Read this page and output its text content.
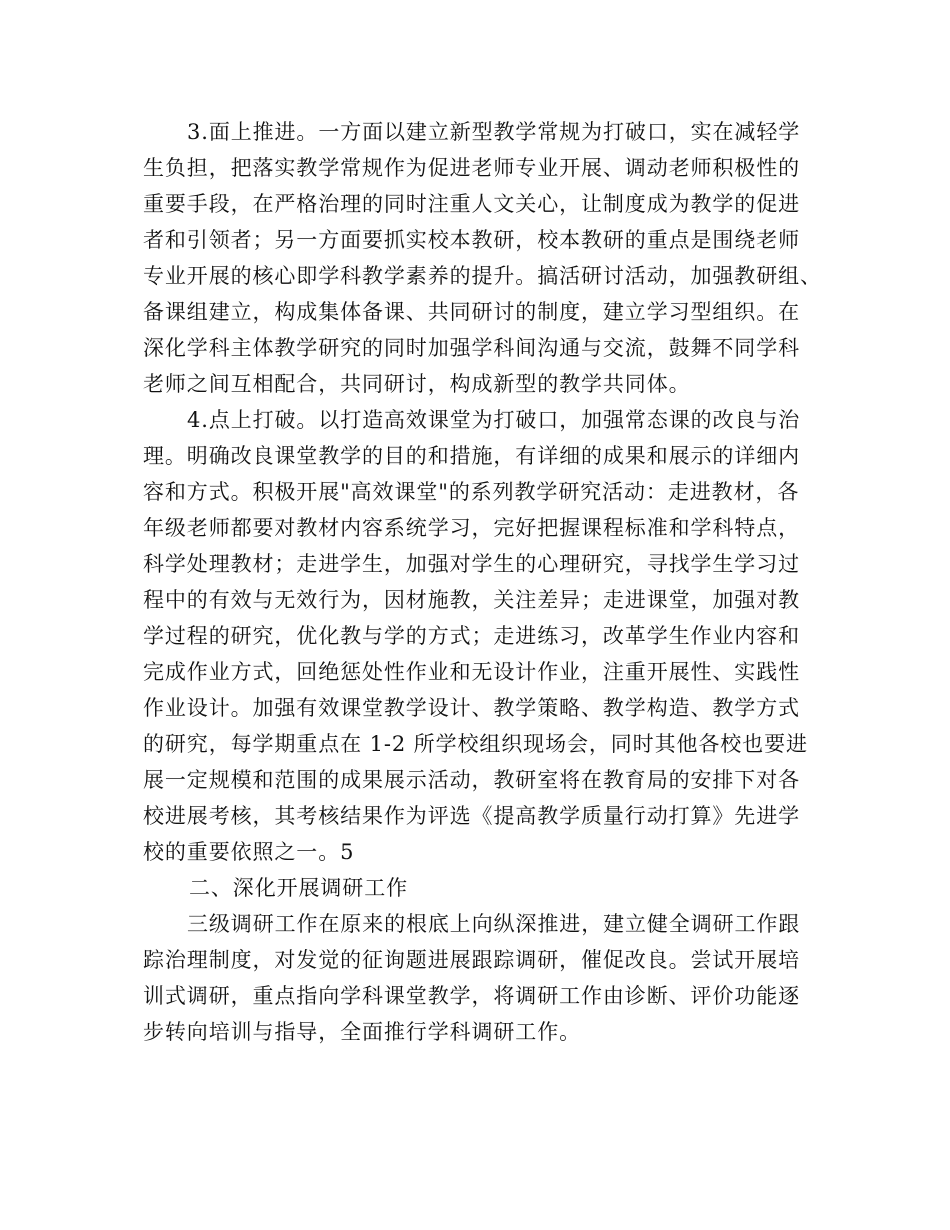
3.面上推进。一方面以建立新型教学常规为打破口，实在减轻学
生负担，把落实教学常规作为促进老师专业开展、调动老师积极性的
重要手段，在严格治理的同时注重人文关心，让制度成为教学的促进
者和引领者；另一方面要抓实校本教研，校本教研的重点是围绕老师
专业开展的核心即学科教学素养的提升。搞活研讨活动，加强教研组、
备课组建立，构成集体备课、共同研讨的制度，建立学习型组织。在
深化学科主体教学研究的同时加强学科间沟通与交流，鼓舞不同学科
老师之间互相配合，共同研讨，构成新型的教学共同体。
4.点上打破。以打造高效课堂为打破口，加强常态课的改良与治
理。明确改良课堂教学的目的和措施，有详细的成果和展示的详细内
容和方式。积极开展"高效课堂"的系列教学研究活动：走进教材，各
年级老师都要对教材内容系统学习，完好把握课程标准和学科特点，
科学处理教材；走进学生，加强对学生的心理研究，寻找学生学习过
程中的有效与无效行为，因材施教，关注差异；走进课堂，加强对教
学过程的研究，优化教与学的方式；走进练习，改革学生作业内容和
完成作业方式，回绝惩处性作业和无设计作业，注重开展性、实践性
作业设计。加强有效课堂教学设计、教学策略、教学构造、教学方式
的研究，每学期重点在 1-2 所学校组织现场会，同时其他各校也要进
展一定规模和范围的成果展示活动，教研室将在教育局的安排下对各
校进展考核，其考核结果作为评选《提高教学质量行动打算》先进学
校的重要依照之一。5
二、深化开展调研工作
三级调研工作在原来的根底上向纵深推进，建立健全调研工作跟
踪治理制度，对发觉的征询题进展跟踪调研，催促改良。尝试开展培
训式调研，重点指向学科课堂教学，将调研工作由诊断、评价功能逐
步转向培训与指导，全面推行学科调研工作。
